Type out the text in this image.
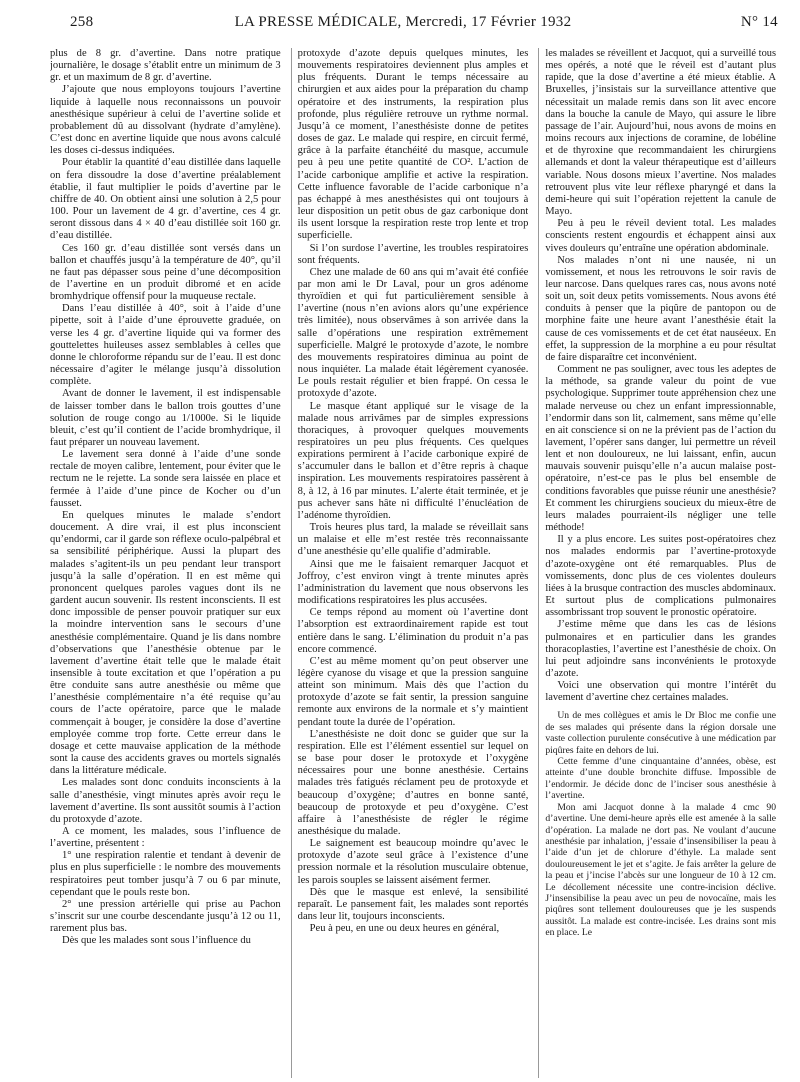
258	LA PRESSE MÉDICALE, Mercredi, 17 Février 1932	N° 14

plus de 8 gr. d’avertine. Dans notre pratique journalière, le dosage s’établit entre un minimum de 3 gr. et un maximum de 8 gr. d’avertine.

J’ajoute que nous employons toujours l’avertine liquide à laquelle nous reconnaissons un pouvoir anesthésique supérieur à celui de l’avertine solide et probablement dû au dissolvant (hydrate d’amylène). C’est donc en avertine liquide que nous avons calculé les doses ci-dessus indiquées.

Pour établir la quantité d’eau distillée dans laquelle on fera dissoudre la dose d’avertine préalablement établie, il faut multiplier le poids d’avertine par le chiffre de 40. On obtient ainsi une solution à 2,5 pour 100. Pour un lavement de 4 gr. d’avertine, ces 4 gr. seront dissous dans 4 × 40 d’eau distillée soit 160 gr. d’eau distillée.

Ces 160 gr. d’eau distillée sont versés dans un ballon et chauffés jusqu’à la température de 40°, qu’il ne faut pas dépasser sous peine d’une décomposition de l’avertine en un produit dibromé et en acide bromhydrique offensif pour la muqueuse rectale.

Dans l’eau distillée à 40°, soit à l’aide d’une pipette, soit à l’aide d’une éprouvette graduée, on verse les 4 gr. d’avertine liquide qui va former des gouttelettes huileuses assez semblables à celles que donne le chloroforme répandu sur de l’eau. Il est donc nécessaire d’agiter le mélange jusqu’à dissolution complète.

Avant de donner le lavement, il est indispensable de laisser tomber dans le ballon trois gouttes d’une solution de rouge congo au 1/1000e. Si le liquide bleuit, c’est qu’il contient de l’acide bromhydrique, il faut préparer un nouveau lavement.

Le lavement sera donné à l’aide d’une sonde rectale de moyen calibre, lentement, pour éviter que le rectum ne le rejette. La sonde sera laissée en place et fermée à l’aide d’une pince de Kocher ou d’un fausset.

En quelques minutes le malade s’endort doucement. A dire vrai, il est plus inconscient qu’endormi, car il garde son réflexe oculo-palpébral et sa sensibilité périphérique. Aussi la plupart des malades s’agitent-ils un peu pendant leur transport jusqu’à la salle d’opération. Il en est même qui prononcent quelques paroles vagues dont ils ne gardent aucun souvenir. Ils restent inconscients. Il est donc impossible de penser pouvoir pratiquer sur eux la moindre intervention sans le secours d’une anesthésie complémentaire. Quand je lis dans nombre d’observations que l’anesthésie obtenue par le lavement d’avertine était telle que le malade était insensible à toute excitation et que l’opération a pu être conduite sans autre anesthésie ou même que l’anesthésie complémentaire n’a été requise qu’au cours de l’acte opératoire, parce que le malade commençait à bouger, je considère la dose d’avertine employée comme trop forte. Cette erreur dans le dosage et cette mauvaise application de la méthode sont la cause des accidents graves ou mortels signalés dans la littérature médicale.

Les malades sont donc conduits inconscients à la salle d’anesthésie, vingt minutes après avoir reçu le lavement d’avertine. Ils sont aussitôt soumis à l’action du protoxyde d’azote.

A ce moment, les malades, sous l’influence de l’avertine, présentent :

1° une respiration ralentie et tendant à devenir de plus en plus superficielle : le nombre des mouvements respiratoires peut tomber jusqu’à 7 ou 6 par minute, cependant que le pouls reste bon.

2° une pression artérielle qui prise au Pachon s’inscrit sur une courbe descendante jusqu’à 12 ou 11, rarement plus bas.

Dès que les malades sont sous l’influence du

protoxyde d’azote depuis quelques minutes, les mouvements respiratoires deviennent plus amples et plus fréquents. Durant le temps nécessaire au chirurgien et aux aides pour la préparation du champ opératoire et des instruments, la respiration plus profonde, plus régulière retrouve un rythme normal. Jusqu’à ce moment, l’anesthésiste donne de petites doses de gaz. Le malade qui respire, en circuit fermé, grâce à la parfaite étanchéité du masque, accumule peu à peu une petite quantité de CO². L’action de l’acide carbonique amplifie et active la respiration. Cette influence favorable de l’acide carbonique n’a pas échappé à mes anesthésistes qui ont toujours à leur disposition un petit obus de gaz carbonique dont ils usent lorsque la respiration reste trop lente et trop superficielle.

Si l’on surdose l’avertine, les troubles respiratoires sont fréquents.

Chez une malade de 60 ans qui m’avait été confiée par mon ami le Dr Laval, pour un gros adénome thyroïdien et qui fut particulièrement sensible à l’avertine (nous n’en avions alors qu’une expérience très limitée), nous observâmes à son arrivée dans la salle d’opérations une respiration extrêmement superficielle. Malgré le protoxyde d’azote, le nombre des mouvements respiratoires diminua au point de nous inquiéter. La malade était légèrement cyanosée. Le pouls restait régulier et bien frappé. On cessa le protoxyde d’azote.

Le masque étant appliqué sur le visage de la malade nous arrivâmes par de simples expressions thoraciques, à provoquer quelques mouvements respiratoires un peu plus fréquents. Ces quelques expirations permirent à l’acide carbonique expiré de s’accumuler dans le ballon et d’être repris à chaque inspiration. Les mouvements respiratoires passèrent à 8, à 12, à 16 par minutes. L’alerte était terminée, et je pus achever sans hâte ni difficulté l’énucléation de l’adénome thyroïdien.

Trois heures plus tard, la malade se réveillait sans un malaise et elle m’est restée très reconnaissante d’une anesthésie qu’elle qualifie d’admirable.

Ainsi que me le faisaient remarquer Jacquot et Joffroy, c’est environ vingt à trente minutes après l’administration du lavement que nous observons les modifications respiratoires les plus accusées.

Ce temps répond au moment où l’avertine dont l’absorption est extraordinairement rapide est tout entière dans le sang. L’élimination du produit n’a pas encore commencé.

C’est au même moment qu’on peut observer une légère cyanose du visage et que la pression sanguine atteint son minimum. Mais dès que l’action du protoxyde d’azote se fait sentir, la pression sanguine remonte aux environs de la normale et s’y maintient pendant toute la durée de l’opération.

L’anesthésiste ne doit donc se guider que sur la respiration. Elle est l’élément essentiel sur lequel on se base pour doser le protoxyde et l’oxygène nécessaires pour une bonne anesthésie. Certains malades très fatigués réclament peu de protoxyde et beaucoup d’oxygène; d’autres en bonne santé, beaucoup de protoxyde et peu d’oxygène. C’est affaire à l’anesthésiste de régler le régime anesthésique du malade.

Le saignement est beaucoup moindre qu’avec le protoxyde d’azote seul grâce à l’existence d’une pression normale et la résolution musculaire obtenue, les parois souples se laissent aisément fermer.

Dès que le masque est enlevé, la sensibilité reparaît. Le pansement fait, les malades sont reportés dans leur lit, toujours inconscients.

Peu à peu, en une ou deux heures en général,

les malades se réveillent et Jacquot, qui a surveillé tous mes opérés, a noté que le réveil est d’autant plus rapide, que la dose d’avertine a été mieux établie. A Bruxelles, j’insistais sur la surveillance attentive que nécessitait un malade remis dans son lit avec encore dans la bouche la canule de Mayo, qui assure le libre passage de l’air. Aujourd’hui, nous avons de moins en moins recours aux injections de coramine, de lobéline et de thyroxine que recommandaient les chirurgiens allemands et dont la valeur thérapeutique est d’ailleurs variable. Nous dosons mieux l’avertine. Nos malades retrouvent plus vite leur réflexe pharyngé et dans la demi-heure qui suit l’opération rejettent la canule de Mayo.

Peu à peu le réveil devient total. Les malades conscients restent engourdis et échappent ainsi aux vives douleurs qu’entraîne une opération abdominale.

Nos malades n’ont ni une nausée, ni un vomissement, et nous les retrouvons le soir ravis de leur narcose. Dans quelques rares cas, nous avons noté soit un, soit deux petits vomissements. Nous avons été conduits à penser que la piqûre de pantopon ou de morphine faite une heure avant l’anesthésie était la cause de ces vomissements et de cet état nauséeux. En effet, la suppression de la morphine a eu pour résultat de faire disparaître cet inconvénient.

Comment ne pas souligner, avec tous les adeptes de la méthode, sa grande valeur du point de vue psychologique. Supprimer toute appréhension chez une malade nerveuse ou chez un enfant impressionnable, l’endormir dans son lit, calmement, sans même qu’elle en ait conscience si on ne la prévient pas de l’action du lavement, l’opérer sans danger, lui permettre un réveil lent et non douloureux, ne lui laissant, enfin, aucun mauvais souvenir puisqu’elle n’a aucun malaise post-opératoire, n’est-ce pas le plus bel ensemble de conditions favorables que puisse réunir une anesthésie? Et comment les chirurgiens soucieux du mieux-être de leurs malades pourraient-ils négliger une telle méthode!

Il y a plus encore. Les suites post-opératoires chez nos malades endormis par l’avertine-protoxyde d’azote-oxygène ont été remarquables. Plus de vomissements, donc plus de ces violentes douleurs liées à la brusque contraction des muscles abdominaux. Et surtout plus de complications pulmonaires assombrissant trop souvent le pronostic opératoire.

J’estime même que dans les cas de lésions pulmonaires et en particulier dans les grandes thoracoplasties, l’avertine est l’anesthésie de choix. On lui peut adjoindre sans inconvénients le protoxyde d’azote.

Voici une observation qui montre l’intérêt du lavement d’avertine chez certaines malades.

Un de mes collègues et amis le Dr Bloc me confie une de ses malades qui présente dans la région dorsale une vaste collection purulente consécutive à une médication par piqûres faite en dehors de lui.

Cette femme d’une cinquantaine d’années, obèse, est atteinte d’une double bronchite diffuse. Impossible de l’endormir. Je décide donc de l’inciser sous anesthésie à l’avertine.

Mon ami Jacquot donne à la malade 4 cmc 90 d’avertine. Une demi-heure après elle est amenée à la salle d’opération. La malade ne dort pas. Ne voulant d’aucune anesthésie par inhalation, j’essaie d’insensibiliser la peau à l’aide d’un jet de chlorure d’éthyle. La malade sent douloureusement le jet et s’agite. Je fais arrêter la gelure de la peau et j’incise l’abcès sur une longueur de 10 à 12 cm. Le décollement nécessite une contre-incision déclive. J’insensibilise la peau avec un peu de novocaïne, mais les piqûres sont tellement douloureuses que je les suspends aussitôt. La malade est contre-incisée. Les drains sont mis en place. Le
